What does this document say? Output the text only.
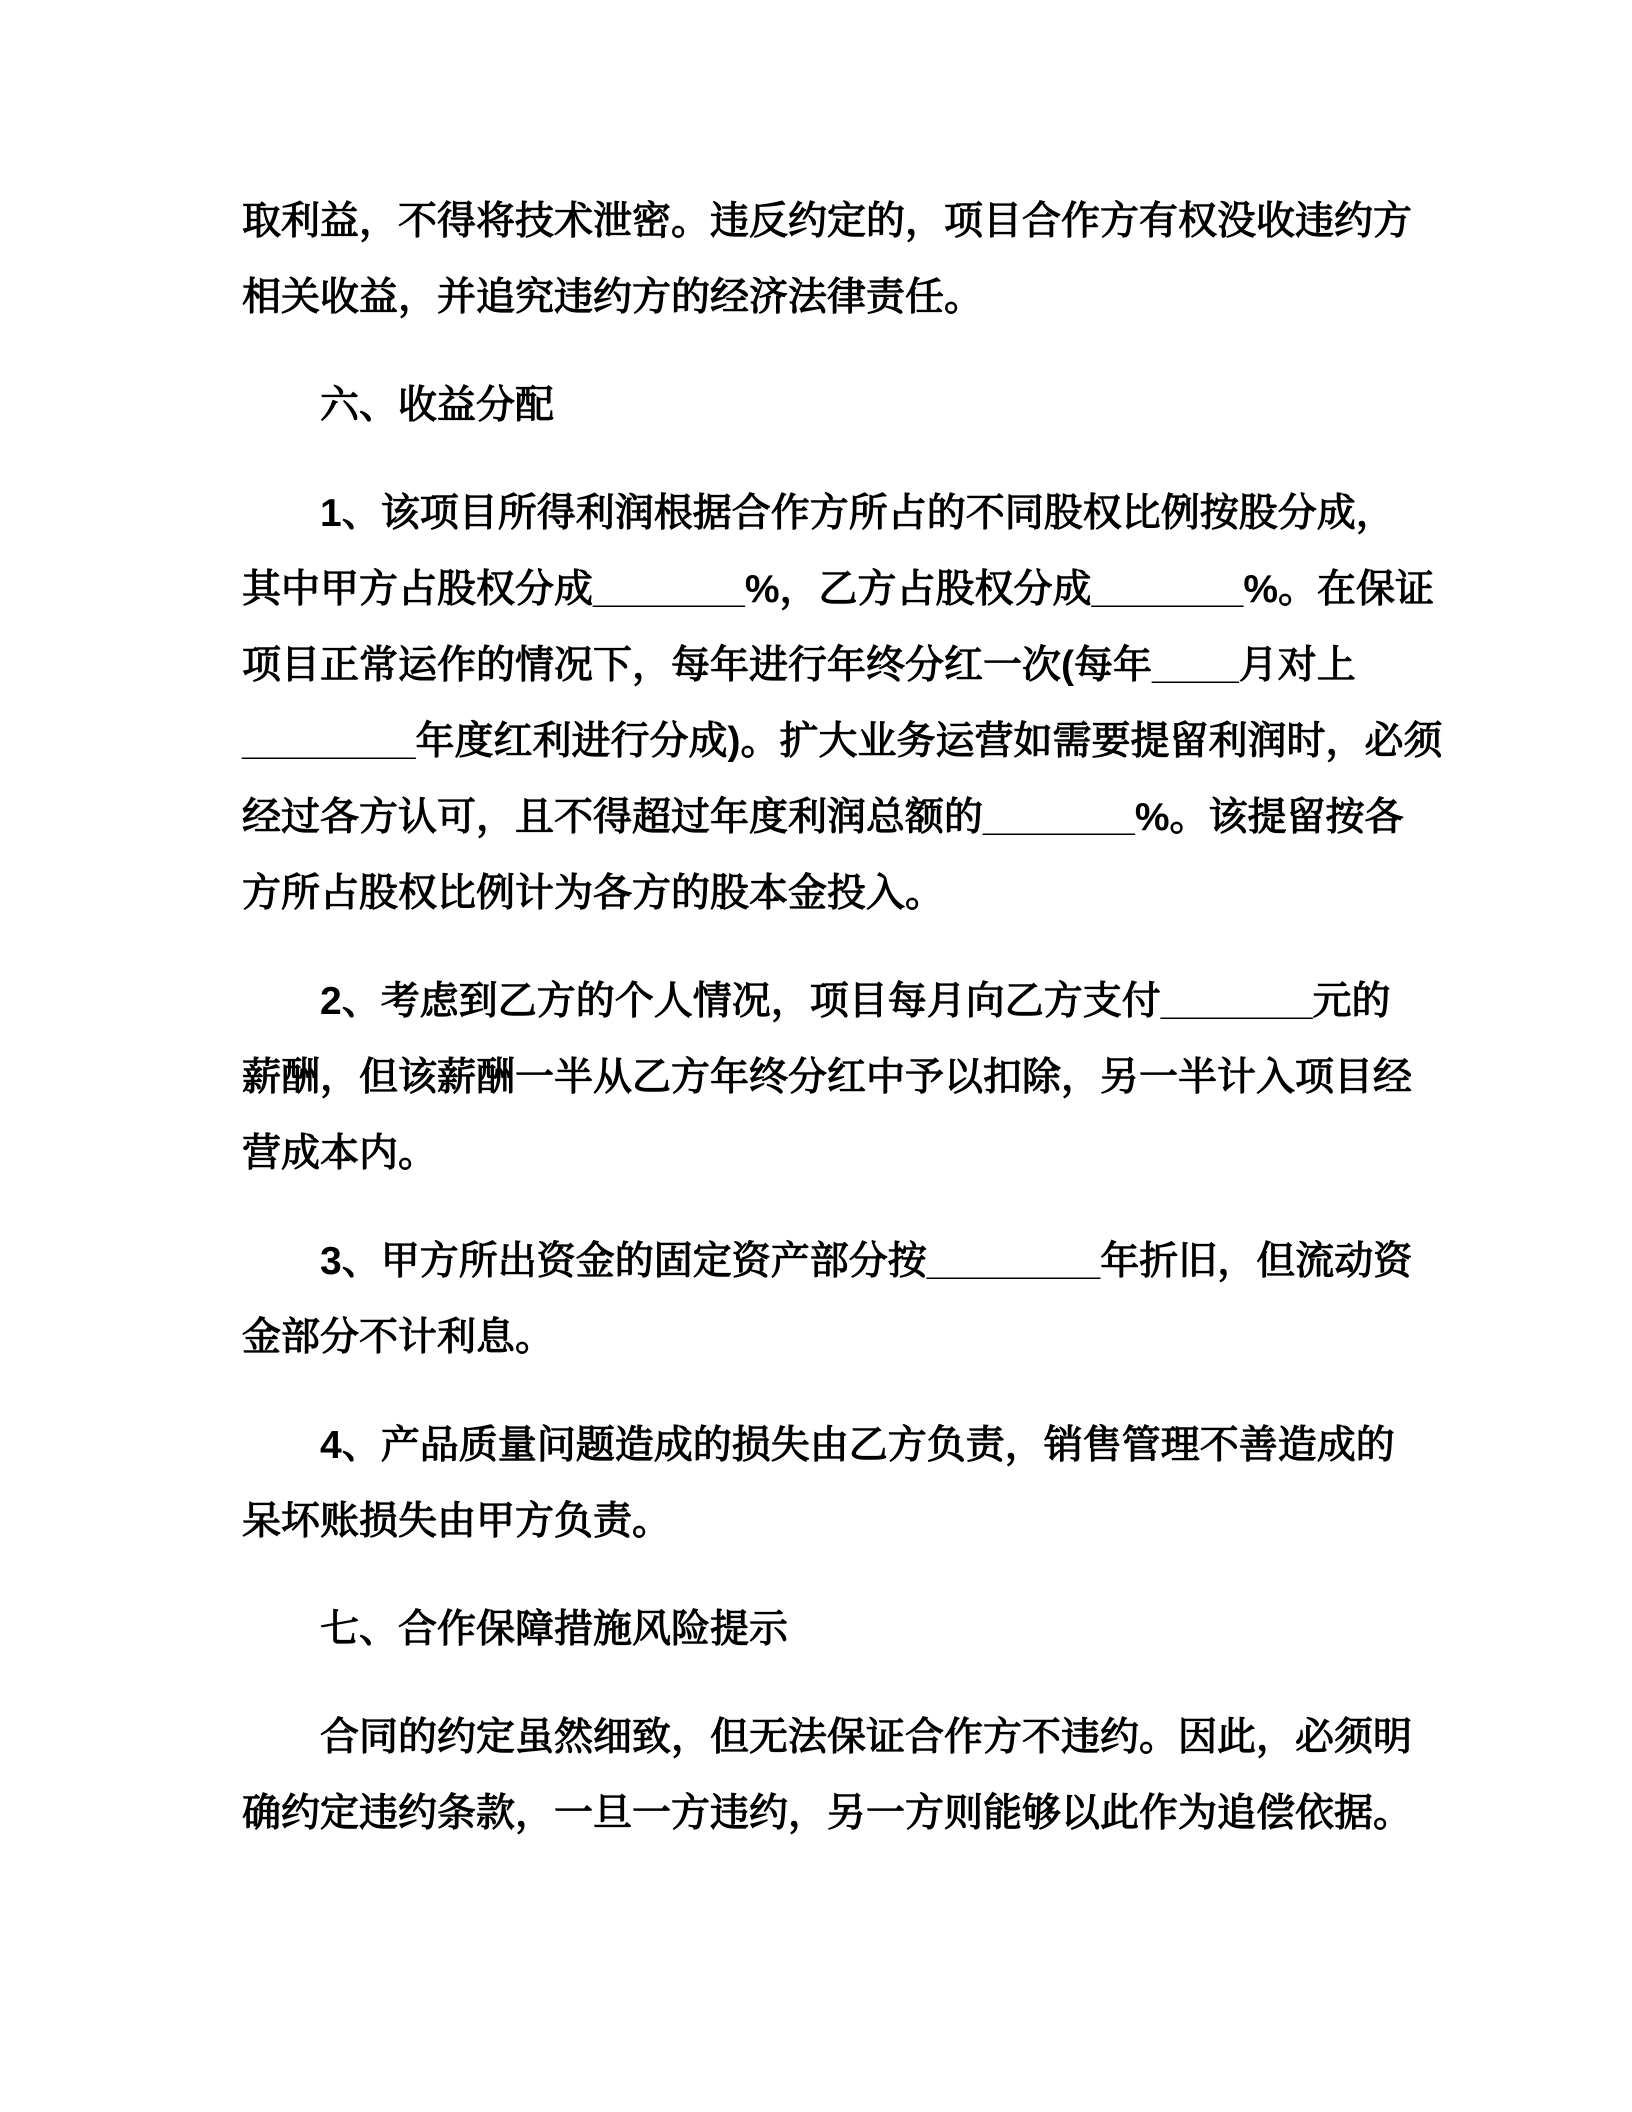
取利益，不得将技术泄密。违反约定的，项目合作方有权没收违约方
相关收益，并追究违约方的经济法律责任。
六、收益分配
1、该项目所得利润根据合作方所占的不同股权比例按股分成，
其中甲方占股权分成_______%，乙方占股权分成_______%。在保证
项目正常运作的情况下，每年进行年终分红一次(每年____月对上
________年度红利进行分成)。扩大业务运营如需要提留利润时，必须
经过各方认可，且不得超过年度利润总额的_______%。该提留按各
方所占股权比例计为各方的股本金投入。
2、考虑到乙方的个人情况，项目每月向乙方支付_______元的
薪酬，但该薪酬一半从乙方年终分红中予以扣除，另一半计入项目经
营成本内。
3、甲方所出资金的固定资产部分按________年折旧，但流动资
金部分不计利息。
4、产品质量问题造成的损失由乙方负责，销售管理不善造成的
呆坏账损失由甲方负责。
七、合作保障措施风险提示
合同的约定虽然细致，但无法保证合作方不违约。因此，必须明
确约定违约条款，一旦一方违约，另一方则能够以此作为追偿依据。
